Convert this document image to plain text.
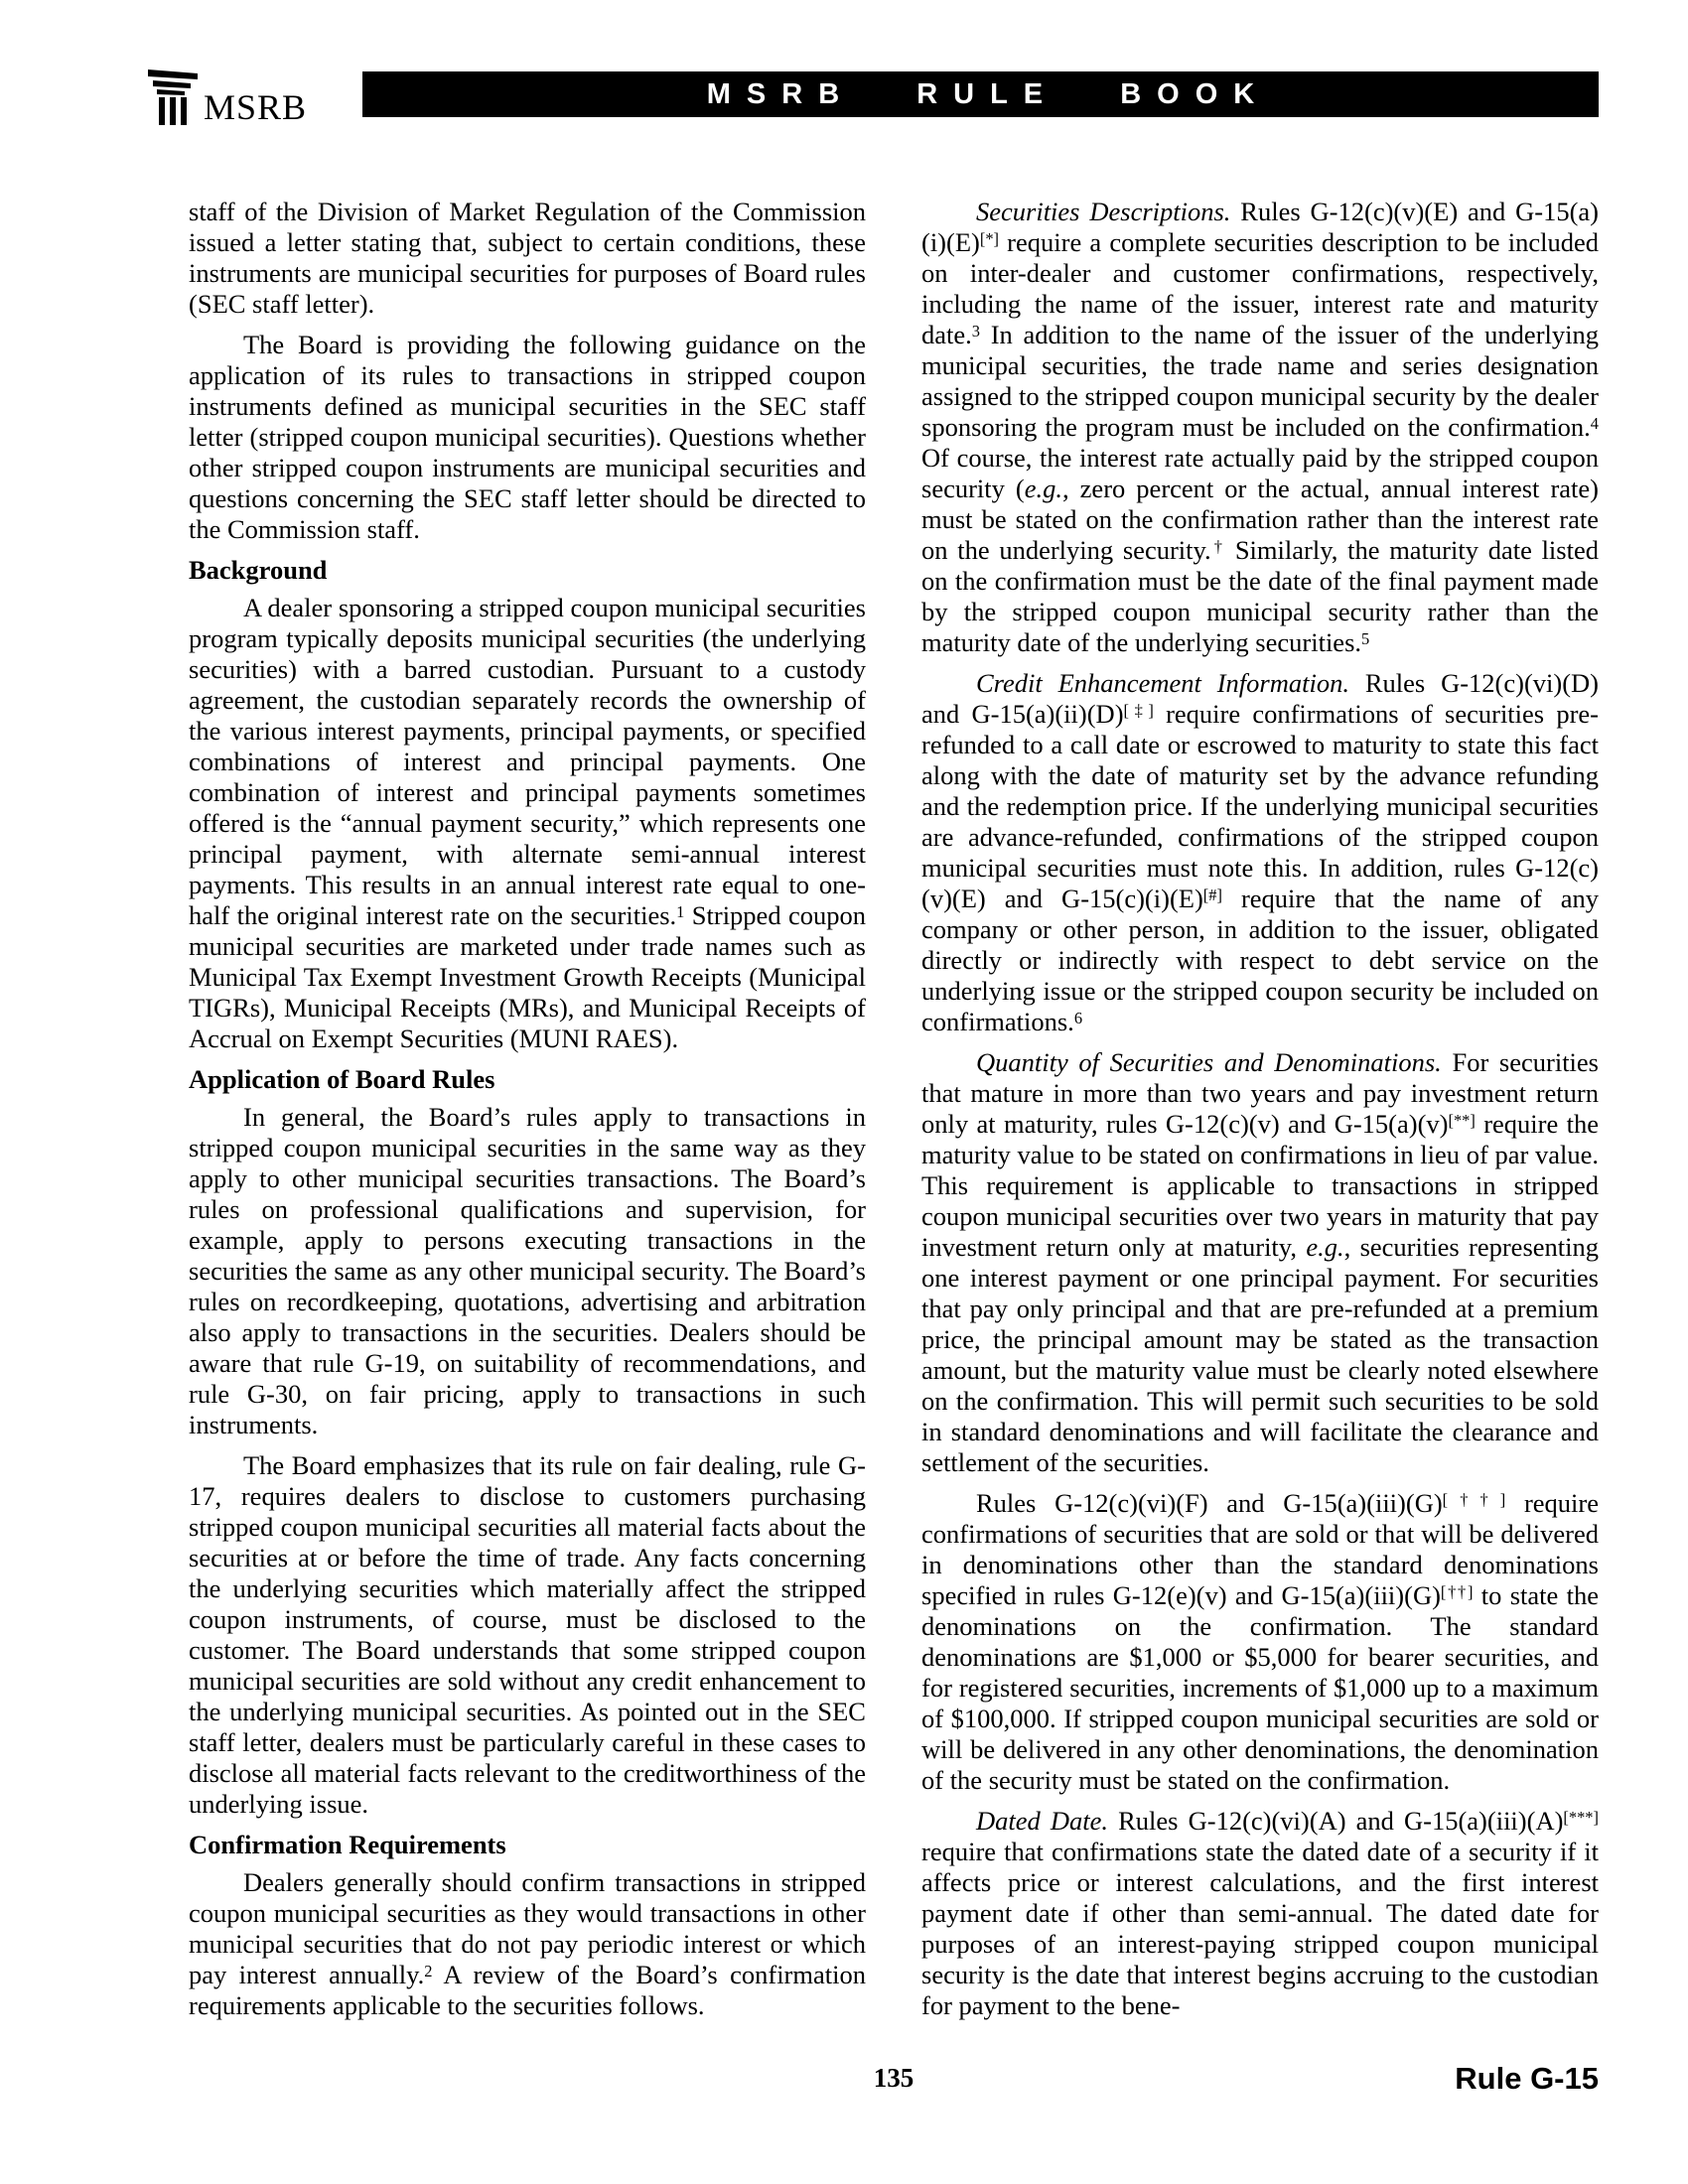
MSRB	MSRB RULE BOOK

staff of the Division of Market Regulation of the Commission issued a letter stating that, subject to certain conditions, these instruments are municipal securities for purposes of Board rules (SEC staff letter).

The Board is providing the following guidance on the application of its rules to transactions in stripped coupon instruments defined as municipal securities in the SEC staff letter (stripped coupon municipal securities). Questions whether other stripped coupon instruments are municipal securities and questions concerning the SEC staff letter should be directed to the Commission staff.

Background

A dealer sponsoring a stripped coupon municipal securities program typically deposits municipal securities (the underlying securities) with a barred custodian. Pursuant to a custody agreement, the custodian separately records the ownership of the various interest payments, principal payments, or specified combinations of interest and principal payments. One combination of interest and principal payments sometimes offered is the “annual payment security,” which represents one principal payment, with alternate semi-annual interest payments. This results in an annual interest rate equal to one-half the original interest rate on the securities.$^1$ Stripped coupon municipal securities are marketed under trade names such as Municipal Tax Exempt Investment Growth Receipts (Municipal TIGRs), Municipal Receipts (MRs), and Municipal Receipts of Accrual on Exempt Securities (MUNI RAES).

Application of Board Rules

In general, the Board’s rules apply to transactions in stripped coupon municipal securities in the same way as they apply to other municipal securities transactions. The Board’s rules on professional qualifications and supervision, for example, apply to persons executing transactions in the securities the same as any other municipal security. The Board’s rules on recordkeeping, quotations, advertising and arbitration also apply to transactions in the securities. Dealers should be aware that rule G-19, on suitability of recommendations, and rule G-30, on fair pricing, apply to transactions in such instruments.

The Board emphasizes that its rule on fair dealing, rule G-17, requires dealers to disclose to customers purchasing stripped coupon municipal securities all material facts about the securities at or before the time of trade. Any facts concerning the underlying securities which materially affect the stripped coupon instruments, of course, must be disclosed to the customer. The Board understands that some stripped coupon municipal securities are sold without any credit enhancement to the underlying municipal securities. As pointed out in the SEC staff letter, dealers must be particularly careful in these cases to disclose all material facts relevant to the creditworthiness of the underlying issue.

Confirmation Requirements

Dealers generally should confirm transactions in stripped coupon municipal securities as they would transactions in other municipal securities that do not pay periodic interest or which pay interest annually.$^2$ A review of the Board’s confirmation requirements applicable to the securities follows.

Securities Descriptions. Rules G-12(c)(v)(E) and G-15(a)(i)(E)[*] require a complete securities description to be included on inter-dealer and customer confirmations, respectively, including the name of the issuer, interest rate and maturity date.$^3$ In addition to the name of the issuer of the underlying municipal securities, the trade name and series designation assigned to the stripped coupon municipal security by the dealer sponsoring the program must be included on the confirmation.$^4$ Of course, the interest rate actually paid by the stripped coupon security (e.g., zero percent or the actual, annual interest rate) must be stated on the confirmation rather than the interest rate on the underlying security.† Similarly, the maturity date listed on the confirmation must be the date of the final payment made by the stripped coupon municipal security rather than the maturity date of the underlying securities.$^5$

Credit Enhancement Information. Rules G-12(c)(vi)(D) and G-15(a)(ii)(D)[‡] require confirmations of securities pre-refunded to a call date or escrowed to maturity to state this fact along with the date of maturity set by the advance refunding and the redemption price. If the underlying municipal securities are advance-refunded, confirmations of the stripped coupon municipal securities must note this. In addition, rules G-12(c)(v)(E) and G-15(c)(i)(E)[#] require that the name of any company or other person, in addition to the issuer, obligated directly or indirectly with respect to debt service on the underlying issue or the stripped coupon security be included on confirmations.$^6$

Quantity of Securities and Denominations. For securities that mature in more than two years and pay investment return only at maturity, rules G-12(c)(v) and G-15(a)(v)[**] require the maturity value to be stated on confirmations in lieu of par value. This requirement is applicable to transactions in stripped coupon municipal securities over two years in maturity that pay investment return only at maturity, e.g., securities representing one interest payment or one principal payment. For securities that pay only principal and that are pre-refunded at a premium price, the principal amount may be stated as the transaction amount, but the maturity value must be clearly noted elsewhere on the confirmation. This will permit such securities to be sold in standard denominations and will facilitate the clearance and settlement of the securities.

Rules G-12(c)(vi)(F) and G-15(a)(iii)(G)[††] require confirmations of securities that are sold or that will be delivered in denominations other than the standard denominations specified in rules G-12(e)(v) and G-15(a)(iii)(G)[††] to state the denominations on the confirmation. The standard denominations are $1,000 or $5,000 for bearer securities, and for registered securities, increments of $1,000 up to a maximum of $100,000. If stripped coupon municipal securities are sold or will be delivered in any other denominations, the denomination of the security must be stated on the confirmation.

Dated Date. Rules G-12(c)(vi)(A) and G-15(a)(iii)(A)[***] require that confirmations state the dated date of a security if it affects price or interest calculations, and the first interest payment date if other than semi-annual. The dated date for purposes of an interest-paying stripped coupon municipal security is the date that interest begins accruing to the custodian for payment to the bene-

135	Rule G-15
